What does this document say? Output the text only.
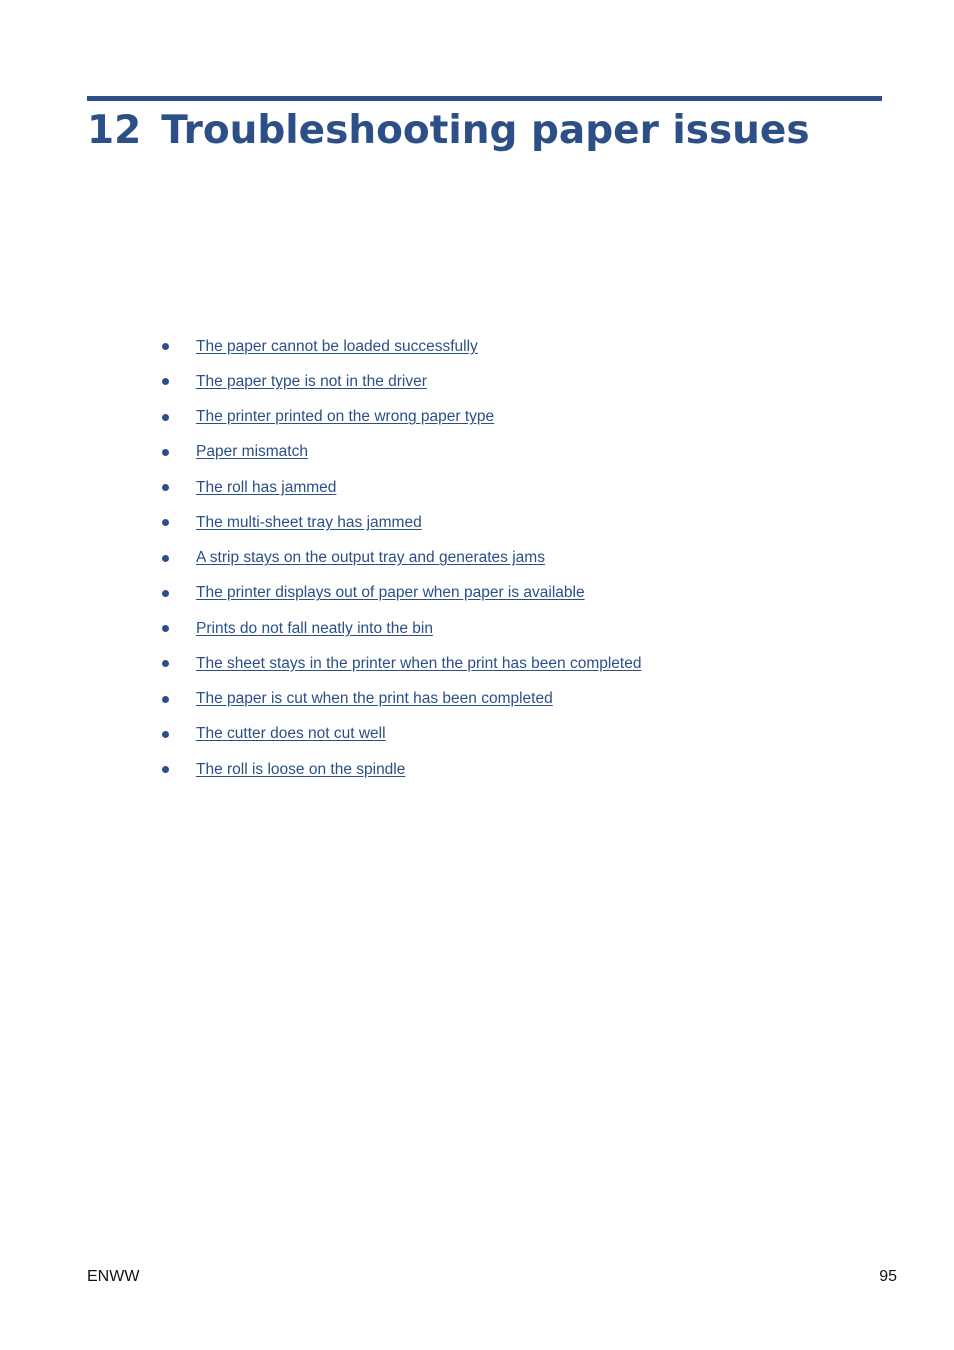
12 Troubleshooting paper issues
The paper cannot be loaded successfully
The paper type is not in the driver
The printer printed on the wrong paper type
Paper mismatch
The roll has jammed
The multi-sheet tray has jammed
A strip stays on the output tray and generates jams
The printer displays out of paper when paper is available
Prints do not fall neatly into the bin
The sheet stays in the printer when the print has been completed
The paper is cut when the print has been completed
The cutter does not cut well
The roll is loose on the spindle
ENWW	95
